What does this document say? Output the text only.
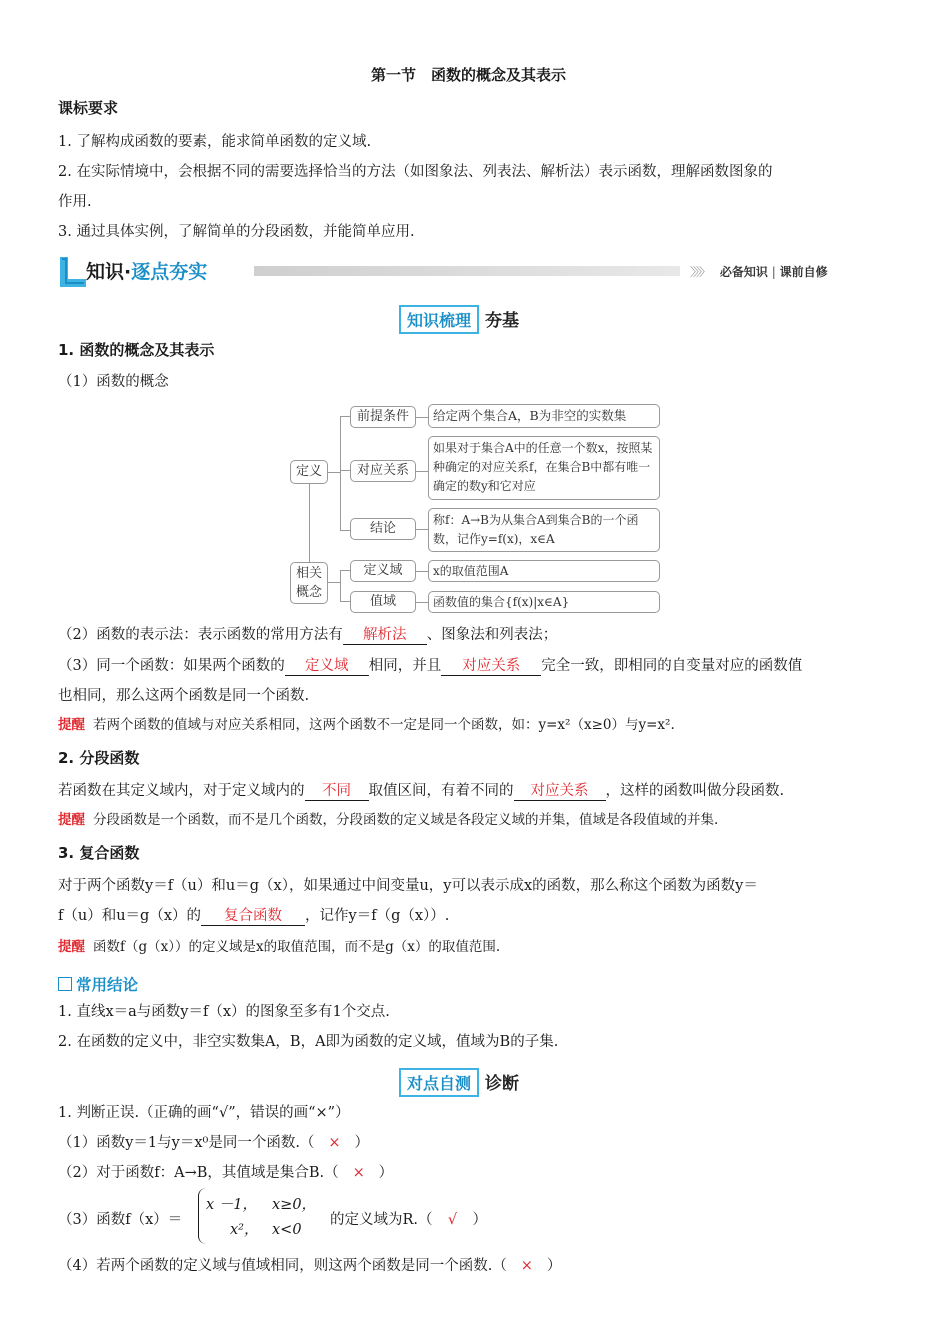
第一节　函数的概念及其表示
课标要求
1. 了解构成函数的要素，能求简单函数的定义域.
2. 在实际情境中，会根据不同的需要选择恰当的方法（如图象法、列表法、解析法）表示函数，理解函数图象的
作用.
3. 通过具体实例，了解简单的分段函数，并能简单应用.
知识·逐点夯实	〉〉〉〉 必备知识 | 课前自修
知识梳理 夯基
1. 函数的概念及其表示
（1）函数的概念
定义
相关概念
前提条件
对应关系
结论
定义域
值域
给定两个集合A，B为非空的实数集
如果对于集合A中的任意一个数x，按照某种确定的对应关系f，在集合B中都有唯一确定的数y和它对应
称f：A→B为从集合A到集合B的一个函数，记作y=f(x)，x∈A
x的取值范围A
函数值的集合{f(x)|x∈A}
（2）函数的表示法：表示函数的常用方法有 解析法 、图象法和列表法；
（3）同一个函数：如果两个函数的 定义域 相同，并且 对应关系 完全一致，即相同的自变量对应的函数值
也相同，那么这两个函数是同一个函数.
提醒 若两个函数的值域与对应关系相同，这两个函数不一定是同一个函数，如：y=x²（x≥0）与y=x².
2. 分段函数
若函数在其定义域内，对于定义域内的 不同 取值区间，有着不同的 对应关系 ，这样的函数叫做分段函数.
提醒 分段函数是一个函数，而不是几个函数，分段函数的定义域是各段定义域的并集，值域是各段值域的并集.
3. 复合函数
对于两个函数y＝f（u）和u＝g（x），如果通过中间变量u，y可以表示成x的函数，那么称这个函数为函数y＝
f（u）和u＝g（x）的 复合函数 ，记作y＝f（g（x））.
提醒 函数f（g（x））的定义域是x的取值范围，而不是g（x）的取值范围.
常用结论
1. 直线x＝a与函数y＝f（x）的图象至多有1个交点.
2. 在函数的定义中，非空实数集A，B，A即为函数的定义域，值域为B的子集.
对点自测 诊断
1. 判断正误.（正确的画“√”，错误的画“×”）
（1）函数y＝1与y＝x⁰是同一个函数.（ × ）
（2）对于函数f：A→B，其值域是集合B.（ × ）
（3）函数f（x）＝
x －1， x≥0，
x²， x<0
的定义域为R.（ √ ）
（4）若两个函数的定义域与值域相同，则这两个函数是同一个函数.（ × ）
